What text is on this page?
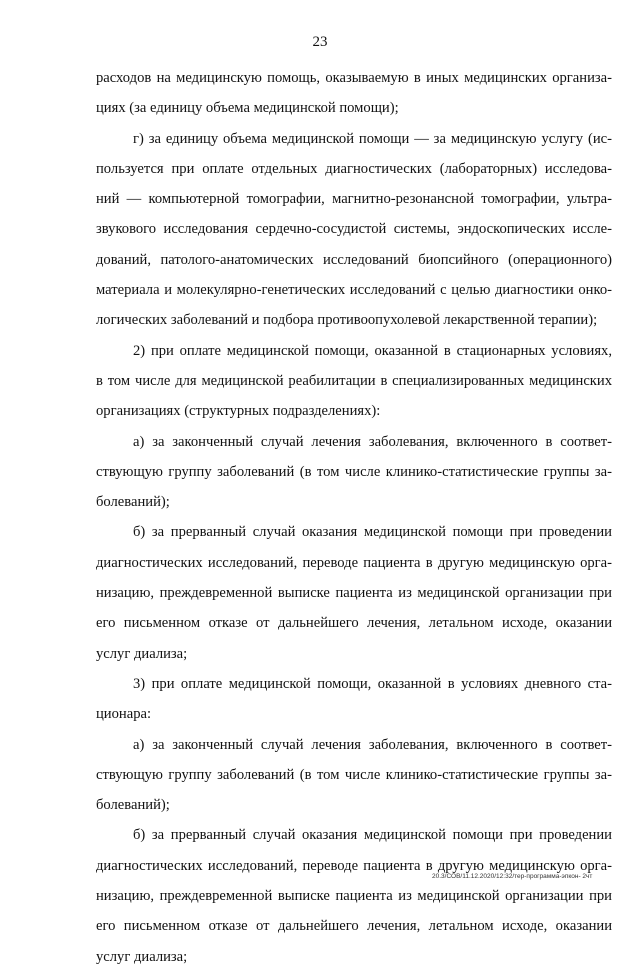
23

расходов на медицинскую помощь, оказываемую в иных медицинских организа-
циях (за единицу объема медицинской помощи);

г) за единицу объема медицинской помощи — за медицинскую услугу (ис-
пользуется при оплате отдельных диагностических (лабораторных) исследова-
ний — компьютерной томографии, магнитно-резонансной томографии, ультра-
звукового исследования сердечно-сосудистой системы, эндоскопических иссле-
дований, патолого-анатомических исследований биопсийного (операционного)
материала и молекулярно-генетических исследований с целью диагностики онко-
логических заболеваний и подбора противоопухолевой лекарственной терапии);

2) при оплате медицинской помощи, оказанной в стационарных условиях,
в том числе для медицинской реабилитации в специализированных медицинских
организациях (структурных подразделениях):

а) за законченный случай лечения заболевания, включенного в соответ-
ствующую группу заболеваний (в том числе клинико-статистические группы за-
болеваний);

б) за прерванный случай оказания медицинской помощи при проведении
диагностических исследований, переводе пациента в другую медицинскую орга-
низацию, преждевременной выписке пациента из медицинской организации при
его письменном отказе от дальнейшего лечения, летальном исходе, оказании
услуг диализа;

3) при оплате медицинской помощи, оказанной в условиях дневного ста-
ционара:

а) за законченный случай лечения заболевания, включенного в соответ-
ствующую группу заболеваний (в том числе клинико-статистические группы за-
болеваний);

б) за прерванный случай оказания медицинской помощи при проведении
диагностических исследований, переводе пациента в другую медицинскую орга-
низацию, преждевременной выписке пациента из медицинской организации при
его письменном отказе от дальнейшего лечения, летальном исходе, оказании
услуг диализа;

20.3/СОВ/11.12.2020/12:32/тер-программа-эпкон- 2чт
